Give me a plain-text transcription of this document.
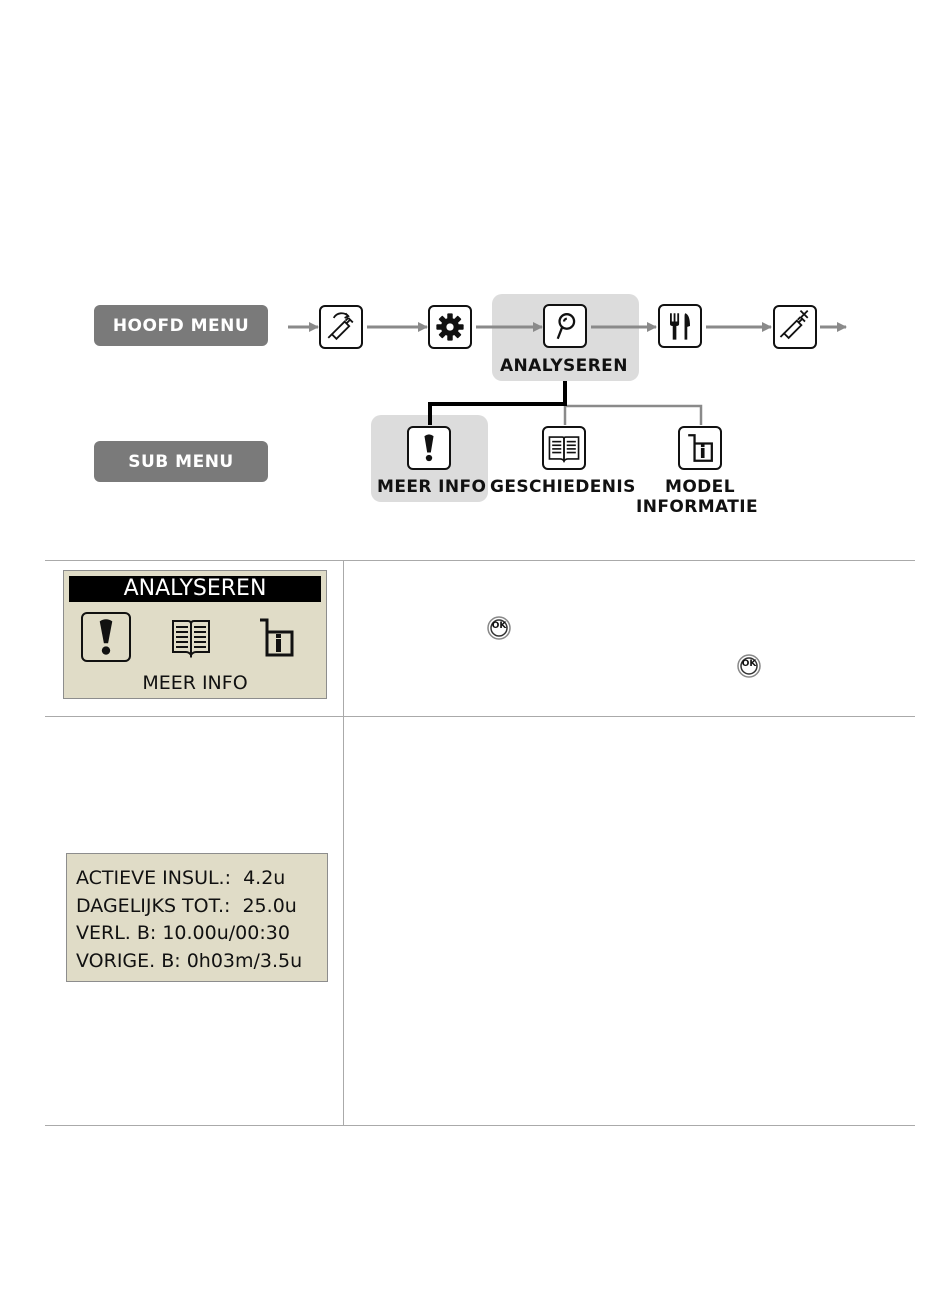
HOOFD MENU
SUB MENU
ANALYSEREN
MEER INFO GESCHIEDENIS MODEL
INFORMATIE
ANALYSEREN
MEER INFO
OK
OK
ACTIEVE INSUL.:  4.2u
DAGELIJKS TOT.:  25.0u
VERL. B: 10.00u/00:30
VORIGE. B: 0h03m/3.5u
